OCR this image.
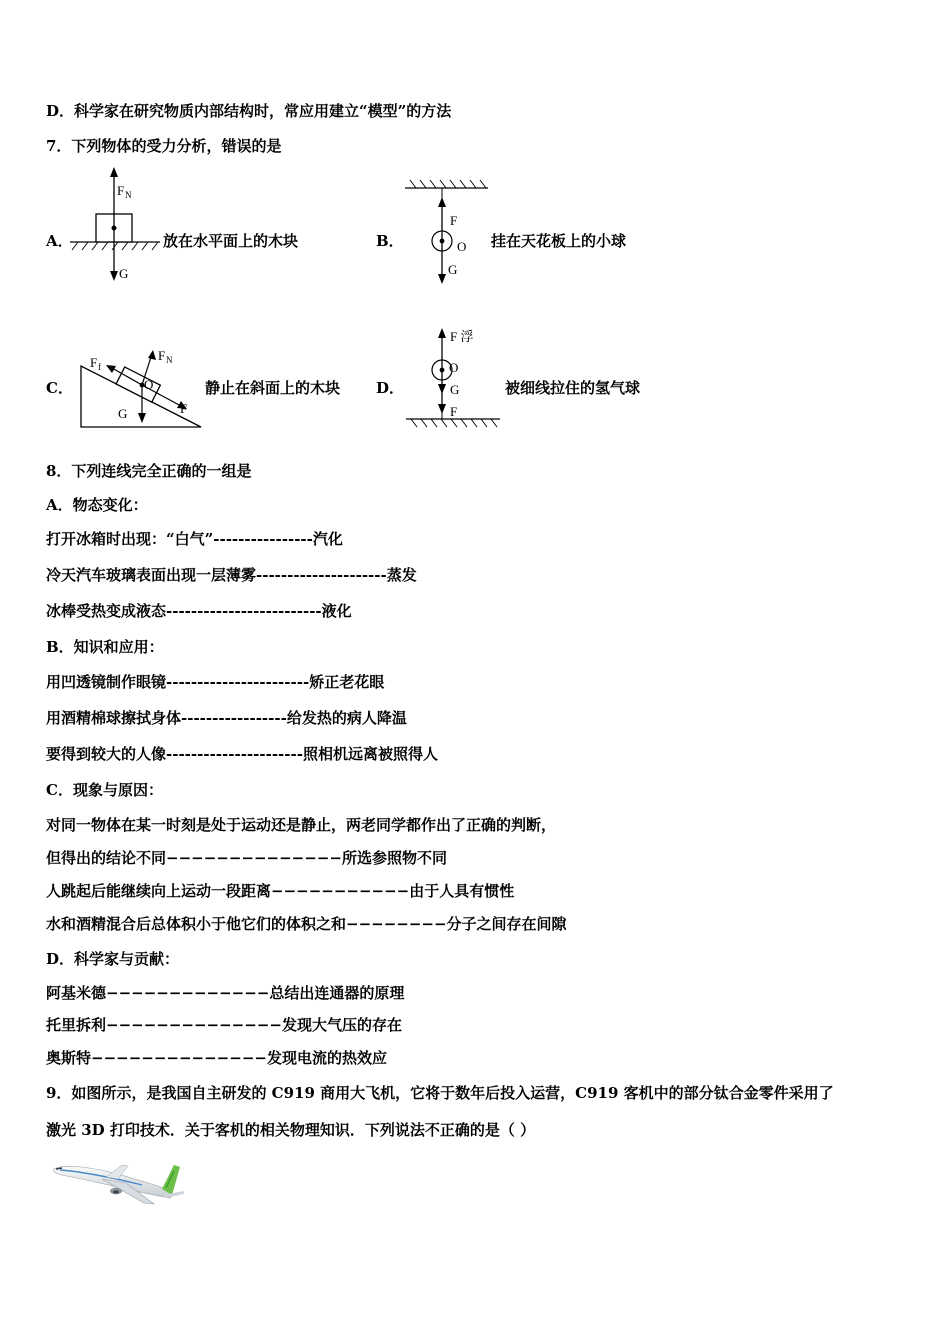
D．科学家在研究物质内部结构时，常应用建立“模型”的方法
7．下列物体的受力分析，错误的是
A．
F N
G
放在水平面上的木块	B．
F
O
G
挂在天花板上的小球
C．
F f
F N
O
G	F
静止在斜面上的木块 D．
F 浮
O
G
F
被细线拉住的氢气球
8．下列连线完全正确的一组是
A．物态变化：
打开冰箱时出现：“白气”----------------汽化
冷天汽车玻璃表面出现一层薄雾---------------------蒸发
冰棒受热变成液态-------------------------液化
B．知识和应用：
用凹透镜制作眼镜-----------------------矫正老花眼
用酒精棉球擦拭身体-----------------给发热的病人降温
要得到较大的人像----------------------照相机远离被照得人
C．现象与原因：
对同一物体在某一时刻是处于运动还是静止，两老同学都作出了正确的判断，
但得出的结论不同−−−−−−−−−−−−−−所选参照物不同
人跳起后能继续向上运动一段距离−−−−−−−−−−−由于人具有惯性
水和酒精混合后总体积小于他它们的体积之和−−−−−−−−分子之间存在间隙
D．科学家与贡献：
阿基米德−−−−−−−−−−−−−总结出连通器的原理
托里拆利−−−−−−−−−−−−−−发现大气压的存在
奥斯特−−−−−−−−−−−−−−发现电流的热效应
9．如图所示，是我国自主研发的 C919 商用大飞机，它将于数年后投入运营，C919 客机中的部分钛合金零件采用了
激光 3D 打印技术．关于客机的相关物理知识．下列说法不正确的是（ ）
